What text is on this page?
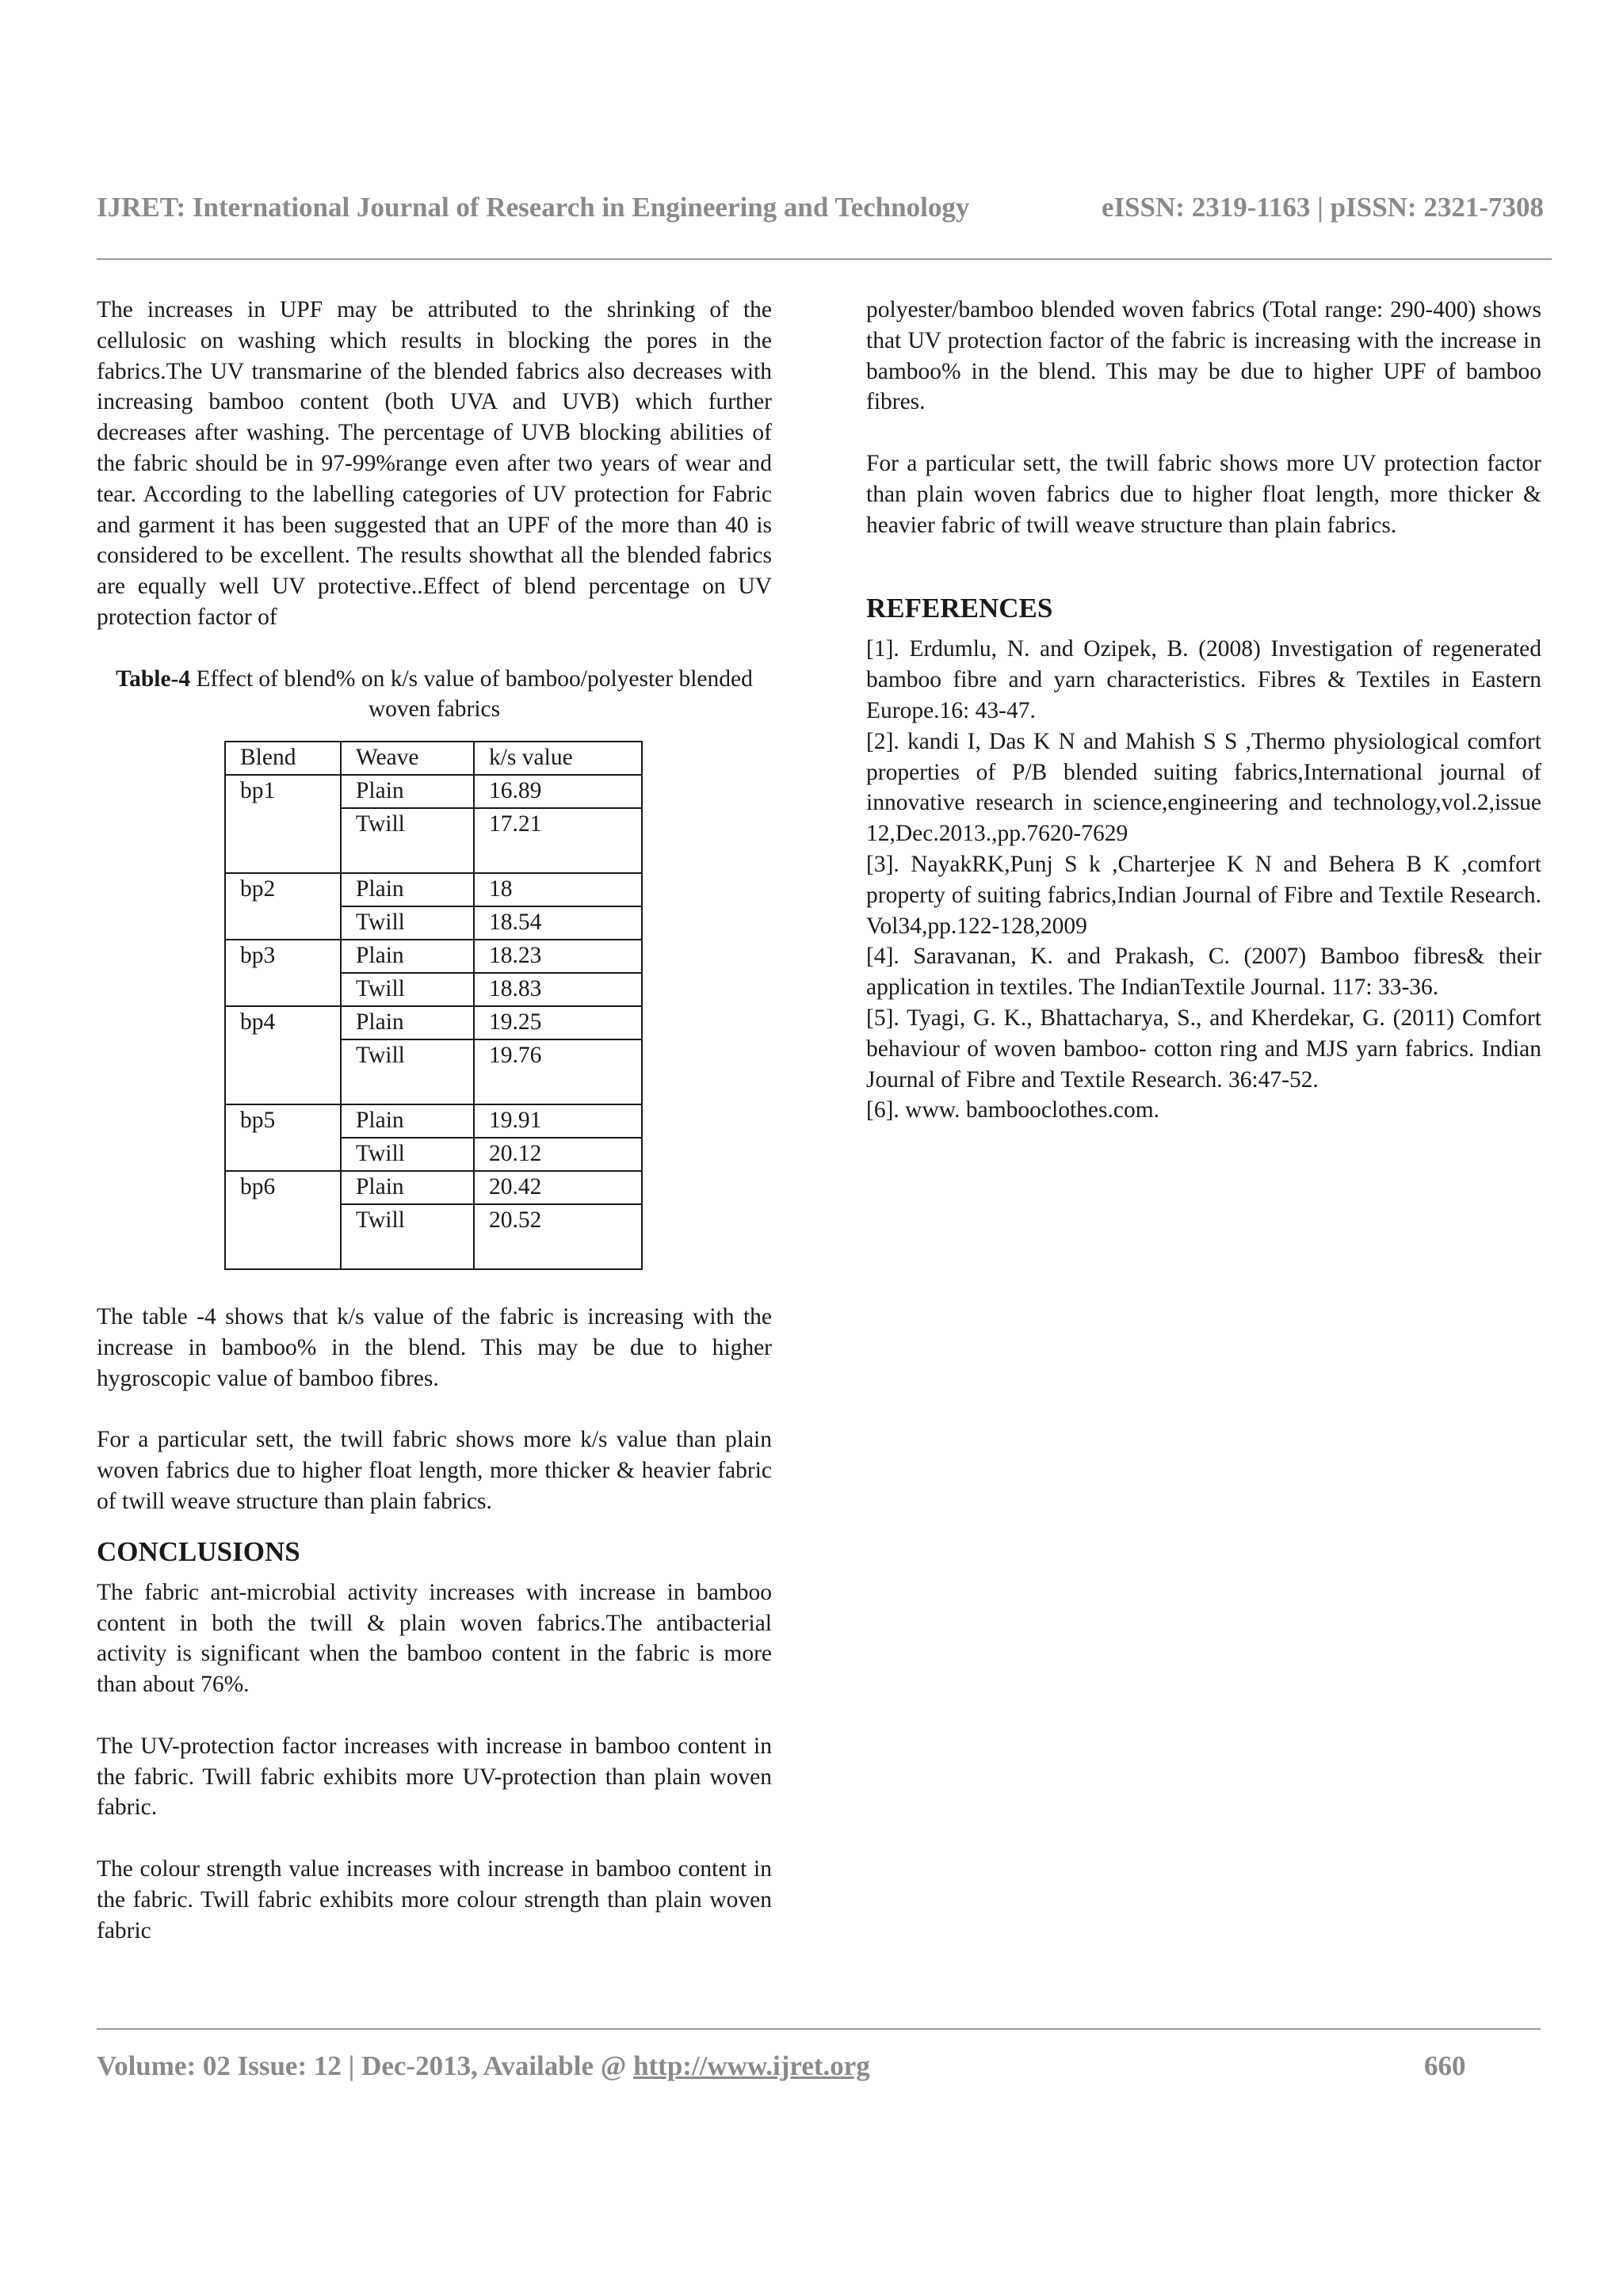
IJRET: International Journal of Research in Engineering and Technology	eISSN: 2319-1163 | pISSN: 2321-7308

The increases in UPF may be attributed to the shrinking of the cellulosic on washing which results in blocking the pores in the fabrics.The UV transmarine of the blended fabrics also decreases with increasing bamboo content (both UVA and UVB) which further decreases after washing. The percentage of UVB blocking abilities of the fabric should be in 97-99%range even after two years of wear and tear. According to the labelling categories of UV protection for Fabric and garment it has been suggested that an UPF of the more than 40 is considered to be excellent. The results showthat all the blended fabrics are equally well UV protective..Effect of blend percentage on UV protection factor of

Table-4 Effect of blend% on k/s value of bamboo/polyester blended woven fabrics

Blend	Weave	k/s value
bp1	Plain	16.89
	Twill	17.21
bp2	Plain	18
	Twill	18.54
bp3	Plain	18.23
	Twill	18.83
bp4	Plain	19.25
	Twill	19.76
bp5	Plain	19.91
	Twill	20.12
bp6	Plain	20.42
	Twill	20.52

The table -4 shows that k/s value of the fabric is increasing with the increase in bamboo% in the blend. This may be due to higher hygroscopic value of bamboo fibres.

For a particular sett, the twill fabric shows more k/s value than plain woven fabrics due to higher float length, more thicker & heavier fabric of twill weave structure than plain fabrics.

CONCLUSIONS

The fabric ant-microbial activity increases with increase in bamboo content in both the twill & plain woven fabrics.The antibacterial activity is significant when the bamboo content in the fabric is more than about 76%.

The UV-protection factor increases with increase in bamboo content in the fabric. Twill fabric exhibits more UV-protection than plain woven fabric.

The colour strength value increases with increase in bamboo content in the fabric. Twill fabric exhibits more colour strength than plain woven fabric

polyester/bamboo blended woven fabrics (Total range: 290-400) shows that UV protection factor of the fabric is increasing with the increase in bamboo% in the blend. This may be due to higher UPF of bamboo fibres.

For a particular sett, the twill fabric shows more UV protection factor than plain woven fabrics due to higher float length, more thicker & heavier fabric of twill weave structure than plain fabrics.

REFERENCES

[1]. Erdumlu, N. and Ozipek, B. (2008) Investigation of regenerated bamboo fibre and yarn characteristics. Fibres & Textiles in Eastern Europe.16: 43-47.

[2]. kandi I, Das K N and Mahish S S ,Thermo physiological comfort properties of P/B blended suiting fabrics,International journal of innovative research in science,engineering and technology,vol.2,issue 12,Dec.2013.,pp.7620-7629

[3]. NayakRK,Punj S k ,Charterjee K N and Behera B K ,comfort property of suiting fabrics,Indian Journal of Fibre and Textile Research. Vol34,pp.122-128,2009

[4]. Saravanan, K. and Prakash, C. (2007) Bamboo fibres& their application in textiles. The IndianTextile Journal. 117: 33-36.

[5]. Tyagi, G. K., Bhattacharya, S., and Kherdekar, G. (2011) Comfort behaviour of woven bamboo- cotton ring and MJS yarn fabrics. Indian Journal of Fibre and Textile Research. 36:47-52.

[6]. www. bambooclothes.com.

Volume: 02 Issue: 12 | Dec-2013, Available @ http://www.ijret.org	660
